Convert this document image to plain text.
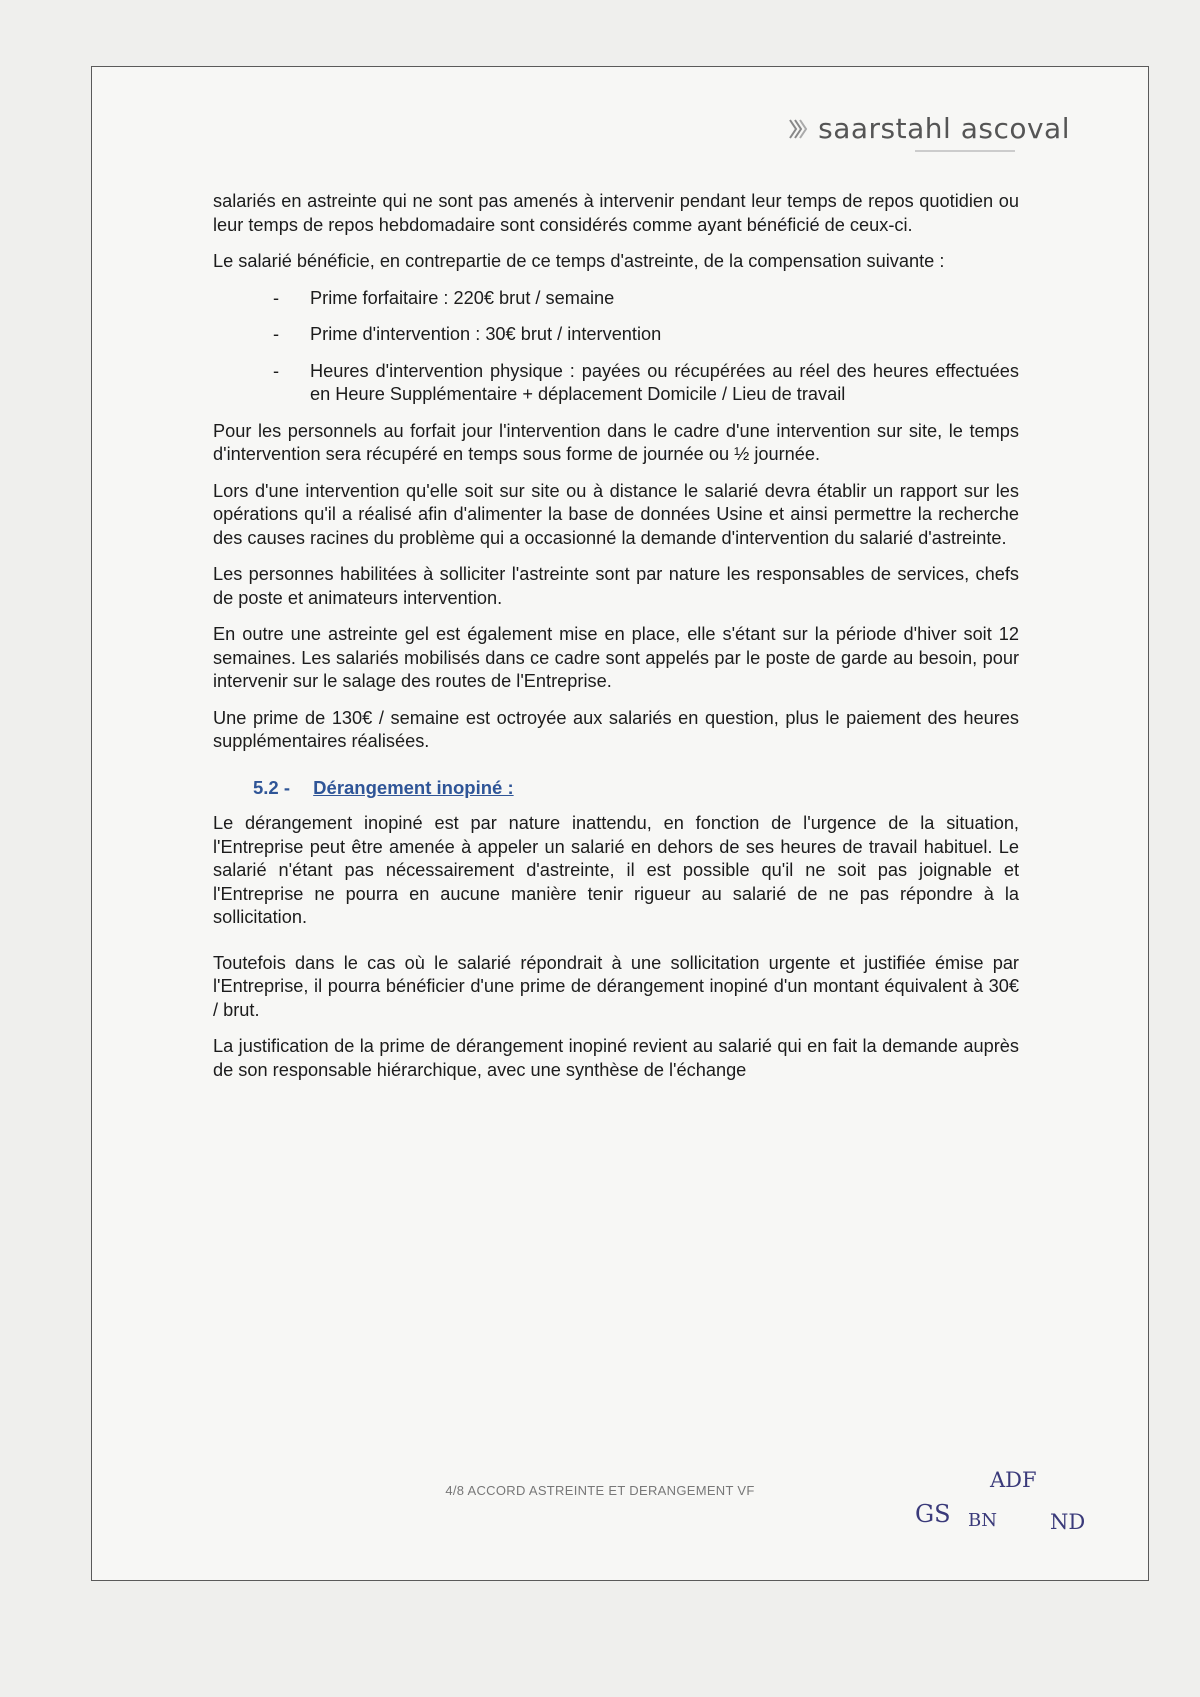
saarstahl ascoval

salariés en astreinte qui ne sont pas amenés à intervenir pendant leur temps de repos quotidien ou leur temps de repos hebdomadaire sont considérés comme ayant bénéficié de ceux-ci.

Le salarié bénéficie, en contrepartie de ce temps d'astreinte, de la compensation suivante :

- Prime forfaitaire : 220€ brut / semaine
- Prime d'intervention : 30€ brut / intervention
- Heures d'intervention physique : payées ou récupérées au réel des heures effectuées en Heure Supplémentaire + déplacement Domicile / Lieu de travail

Pour les personnels au forfait jour l'intervention dans le cadre d'une intervention sur site, le temps d'intervention sera récupéré en temps sous forme de journée ou ½ journée.

Lors d'une intervention qu'elle soit sur site ou à distance le salarié devra établir un rapport sur les opérations qu'il a réalisé afin d'alimenter la base de données Usine et ainsi permettre la recherche des causes racines du problème qui a occasionné la demande d'intervention du salarié d'astreinte.

Les personnes habilitées à solliciter l'astreinte sont par nature les responsables de services, chefs de poste et animateurs intervention.

En outre une astreinte gel est également mise en place, elle s'étant sur la période d'hiver soit 12 semaines. Les salariés mobilisés dans ce cadre sont appelés par le poste de garde au besoin, pour intervenir sur le salage des routes de l'Entreprise.

Une prime de 130€ / semaine est octroyée aux salariés en question, plus le paiement des heures supplémentaires réalisées.

5.2 - Dérangement inopiné :

Le dérangement inopiné est par nature inattendu, en fonction de l'urgence de la situation, l'Entreprise peut être amenée à appeler un salarié en dehors de ses heures de travail habituel. Le salarié n'étant pas nécessairement d'astreinte, il est possible qu'il ne soit pas joignable et l'Entreprise ne pourra en aucune manière tenir rigueur au salarié de ne pas répondre à la sollicitation.

Toutefois dans le cas où le salarié répondrait à une sollicitation urgente et justifiée émise par l'Entreprise, il pourra bénéficier d'une prime de dérangement inopiné d'un montant équivalent à 30€ / brut.

La justification de la prime de dérangement inopiné revient au salarié qui en fait la demande auprès de son responsable hiérarchique, avec une synthèse de l'échange

4/8 ACCORD ASTREINTE ET DERANGEMENT VF
GS
ADF
BN	ND
